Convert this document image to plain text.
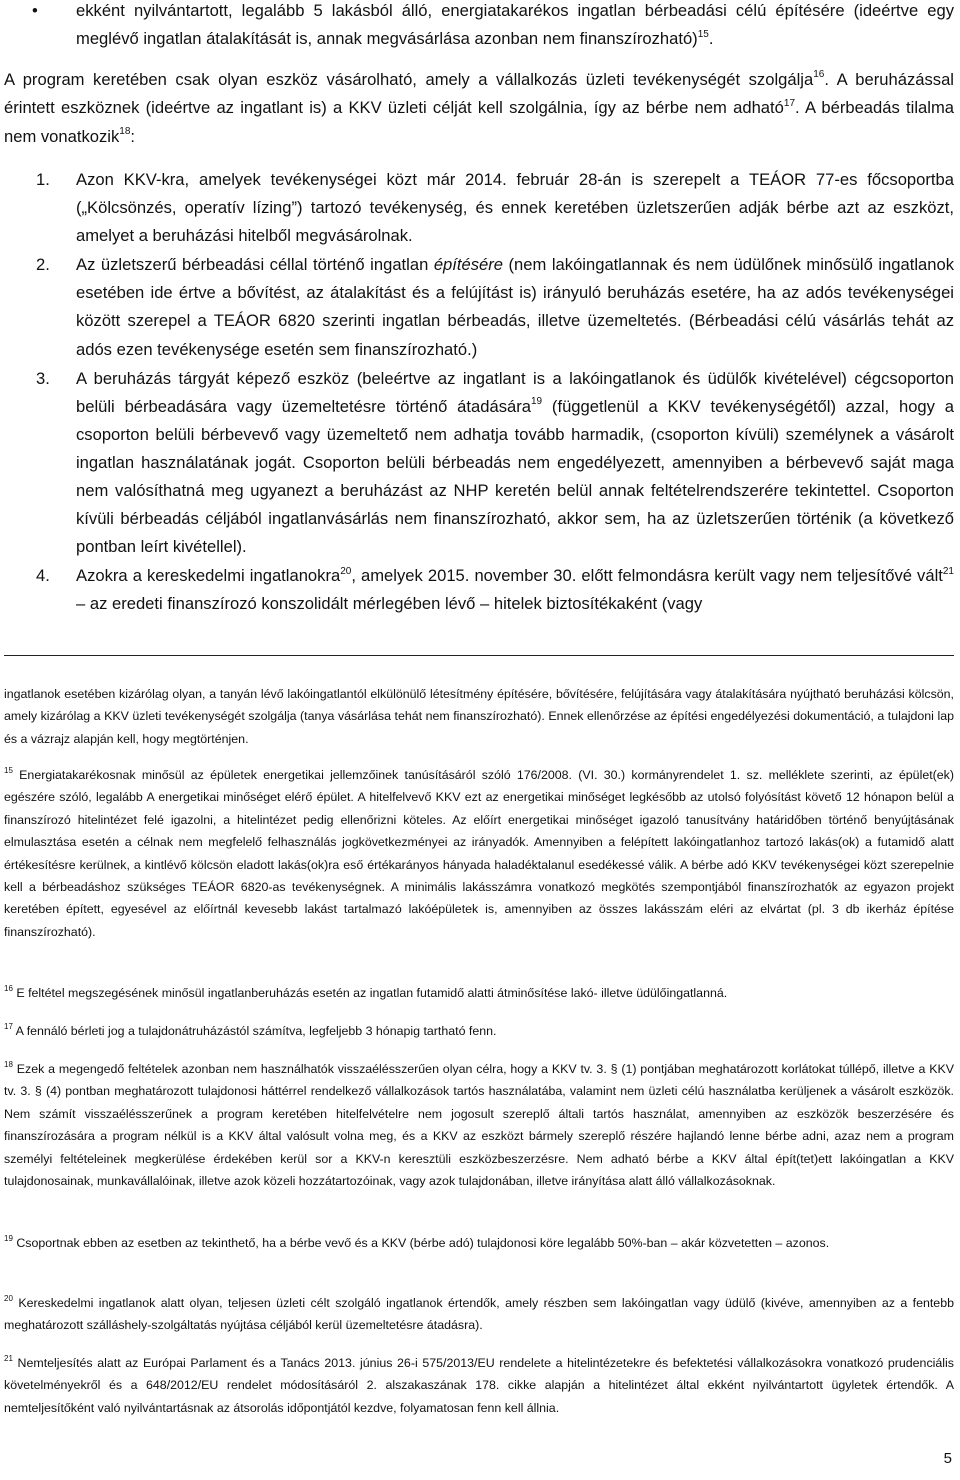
• ekként nyilvántartott, legalább 5 lakásból álló, energiatakarékos ingatlan bérbeadási célú építésére (ideértve egy meglévő ingatlan átalakítását is, annak megvásárlása azonban nem finanszírozható)$^{15}$.
A program keretében csak olyan eszköz vásárolható, amely a vállalkozás üzleti tevékenységét szolgálja$^{16}$. A beruházással érintett eszköznek (ideértve az ingatlant is) a KKV üzleti célját kell szolgálnia, így az bérbe nem adható$^{17}$. A bérbeadás tilalma nem vonatkozik$^{18}$:
1. Azon KKV-kra, amelyek tevékenységei közt már 2014. február 28-án is szerepelt a TEÁOR 77-es főcsoportba („Kölcsönzés, operatív lízing”) tartozó tevékenység, és ennek keretében üzletszerűen adják bérbe azt az eszközt, amelyet a beruházási hitelből megvásárolnak.
2. Az üzletszerű bérbeadási céllal történő ingatlan építésére (nem lakóingatlannak és nem üdülőnek minősülő ingatlanok esetében ide értve a bővítést, az átalakítást és a felújítást is) irányuló beruházás esetére, ha az adós tevékenységei között szerepel a TEÁOR 6820 szerinti ingatlan bérbeadás, illetve üzemeltetés. (Bérbeadási célú vásárlás tehát az adós ezen tevékenysége esetén sem finanszírozható.)
3. A beruházás tárgyát képező eszköz (beleértve az ingatlant is a lakóingatlanok és üdülők kivételével) cégcsoporton belüli bérbeadására vagy üzemeltetésre történő átadására$^{19}$ (függetlenül a KKV tevékenységétől) azzal, hogy a csoporton belüli bérbevevő vagy üzemeltető nem adhatja tovább harmadik, (csoporton kívüli) személynek a vásárolt ingatlan használatának jogát. Csoporton belüli bérbeadás nem engedélyezett, amennyiben a bérbevevő saját maga nem valósíthatná meg ugyanezt a beruházást az NHP keretén belül annak feltételrendszerére tekintettel. Csoporton kívüli bérbeadás céljából ingatlanvásárlás nem finanszírozható, akkor sem, ha az üzletszerűen történik (a következő pontban leírt kivétellel).
4. Azokra a kereskedelmi ingatlanokra$^{20}$, amelyek 2015. november 30. előtt felmondásra került vagy nem teljesítővé vált$^{21}$ – az eredeti finanszírozó konszolidált mérlegében lévő – hitelek biztosítékaként (vagy
ingatlanok esetében kizárólag olyan, a tanyán lévő lakóingatlantól elkülönülő létesítmény építésére, bővítésére, felújítására vagy átalakítására nyújtható beruházási kölcsön, amely kizárólag a KKV üzleti tevékenységét szolgálja (tanya vásárlása tehát nem finanszírozható). Ennek ellenőrzése az építési engedélyezési dokumentáció, a tulajdoni lap és a vázrajz alapján kell, hogy megtörténjen.
$^{15}$ Energiatakarékosnak minősül az épületek energetikai jellemzőinek tanúsításáról szóló 176/2008. (VI. 30.) kormányrendelet 1. sz. melléklete szerinti, az épület(ek) egészére szóló, legalább A energetikai minőséget elérő épület. A hitelfelvevő KKV ezt az energetikai minőséget legkésőbb az utolsó folyósítást követő 12 hónapon belül a finanszírozó hitelintézet felé igazolni, a hitelintézet pedig ellenőrizni köteles. Az előírt energetikai minőséget igazoló tanusítvány határidőben történő benyújtásának elmulasztása esetén a célnak nem megfelelő felhasználás jogkövetkezményei az irányadók. Amennyiben a felépített lakóingatlanhoz tartozó lakás(ok) a futamidő alatt értékesítésre kerülnek, a kintlévő kölcsön eladott lakás(ok)ra eső értékarányos hányada haladéktalanul esedékessé válik. A bérbe adó KKV tevékenységei közt szerepelnie kell a bérbeadáshoz szükséges TEÁOR 6820-as tevékenységnek. A minimális lakásszámra vonatkozó megkötés szempontjából finanszírozhatók az egyazon projekt keretében épített, egyesével az előírtnál kevesebb lakást tartalmazó lakóépületek is, amennyiben az összes lakásszám eléri az elvártat (pl. 3 db ikerház építése finanszírozható).
$^{16}$ E feltétel megszegésének minősül ingatlanberuházás esetén az ingatlan futamidő alatti átminősítése lakó- illetve üdülőingatlanná.
$^{17}$ A fennáló bérleti jog a tulajdonátruházástól számítva, legfeljebb 3 hónapig tartható fenn.
$^{18}$ Ezek a megengedő feltételek azonban nem használhatók visszaélésszerűen olyan célra, hogy a KKV tv. 3. § (1) pontjában meghatározott korlátokat túllépő, illetve a KKV tv. 3. § (4) pontban meghatározott tulajdonosi háttérrel rendelkező vállalkozások tartós használatába, valamint nem üzleti célú használatba kerüljenek a vásárolt eszközök. Nem számít visszaélésszerűnek a program keretében hitelfelvételre nem jogosult szereplő általi tartós használat, amennyiben az eszközök beszerzésére és finanszírozására a program nélkül is a KKV által valósult volna meg, és a KKV az eszközt bármely szereplő részére hajlandó lenne bérbe adni, azaz nem a program személyi feltételeinek megkerülése érdekében kerül sor a KKV-n keresztüli eszközbeszerzésre. Nem adható bérbe a KKV által épít(tet)ett lakóingatlan a KKV tulajdonosainak, munkavállalóinak, illetve azok közeli hozzátartozóinak, vagy azok tulajdonában, illetve irányítása alatt álló vállalkozásoknak.
$^{19}$ Csoportnak ebben az esetben az tekinthető, ha a bérbe vevő és a KKV (bérbe adó) tulajdonosi köre legalább 50%-ban – akár közvetetten – azonos.
$^{20}$ Kereskedelmi ingatlanok alatt olyan, teljesen üzleti célt szolgáló ingatlanok értendők, amely részben sem lakóingatlan vagy üdülő (kivéve, amennyiben az a fentebb meghatározott szálláshely-szolgáltatás nyújtása céljából kerül üzemeltetésre átadásra).
$^{21}$ Nemteljesítés alatt az Európai Parlament és a Tanács 2013. június 26-i 575/2013/EU rendelete a hitelintézetekre és befektetési vállalkozásokra vonatkozó prudenciális követelményekről és a 648/2012/EU rendelet módosításáról 2. alszakaszának 178. cikke alapján a hitelintézet által ekként nyilvántartott ügyletek értendők. A nemteljesítőként való nyilvántartásnak az átsorolás időpontjától kezdve, folyamatosan fenn kell állnia.
5
